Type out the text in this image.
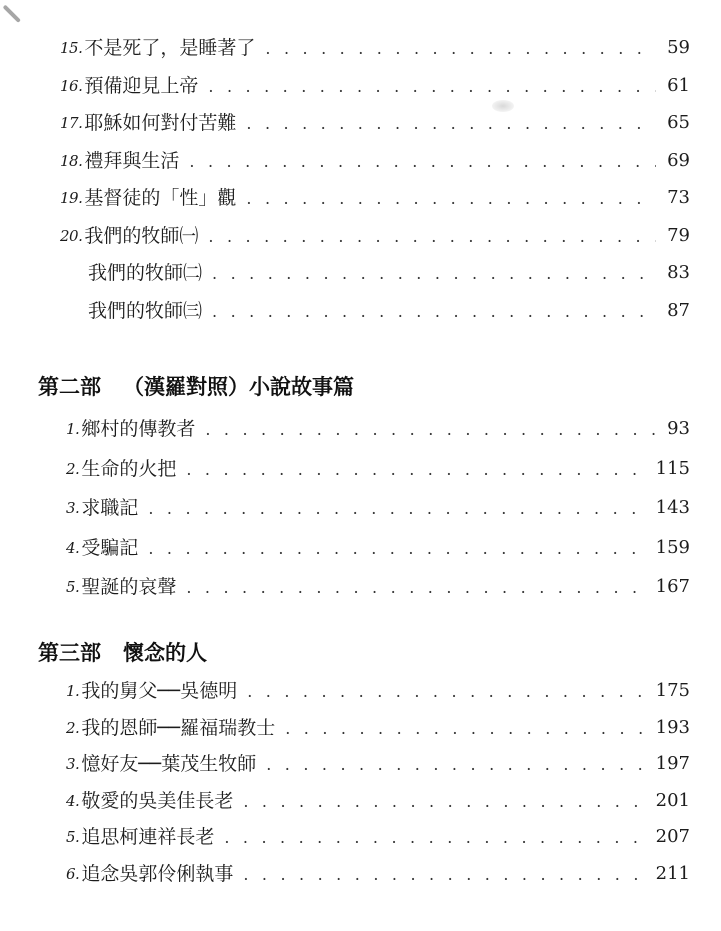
15. 不是死了，是睡著了 . . .	59
16. 預備迎見上帝 . . .	61
17. 耶穌如何對付苦難 . . .	65
18. 禮拜與生活 . . .	69
19. 基督徒的「性」觀 . . .	73
20. 我們的牧師㈠ . . .	79
我們的牧師㈡ . . .	83
我們的牧師㈢ . . .	87
第二部 （漢羅對照）小說故事篇
1. 鄉村的傳教者 . . .	93
2. 生命的火把 . . .	115
3. 求職記 . . .	143
4. 受騙記 . . .	159
5. 聖誕的哀聲 . . .	167
第三部 懷念的人
1. 我的舅父──吳德明 . . .	175
2. 我的恩師──羅福瑞教士 . . .	193
3. 憶好友──葉茂生牧師 . . .	197
4. 敬愛的吳美佳長老 . . .	201
5. 追思柯連祥長老 . . .	207
6. 追念吳郭伶俐執事 . . .	211
